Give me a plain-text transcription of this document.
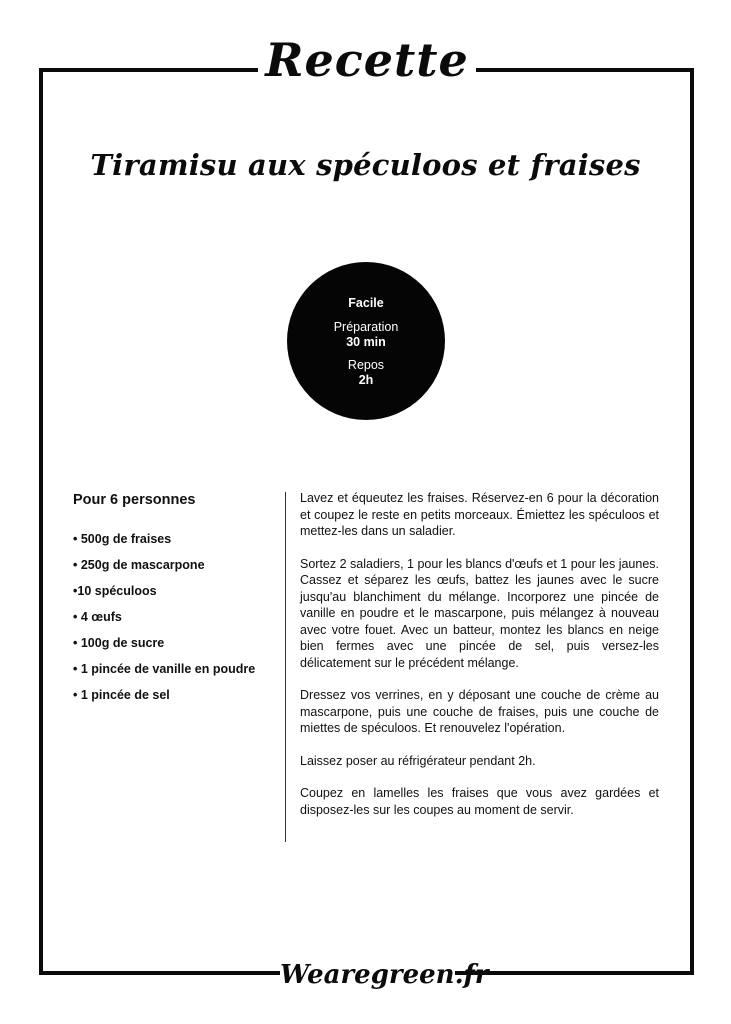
Recette
Tiramisu aux spéculoos et fraises
Facile
Préparation
30 min
Repos
2h
Pour 6 personnes
• 500g de fraises
• 250g de mascarpone
•10 spéculoos
• 4 œufs
• 100g de sucre
• 1 pincée de vanille en poudre
• 1 pincée de sel

Lavez et équeutez les fraises. Réservez-en 6 pour la décoration et coupez le reste en petits morceaux. Émiettez les spéculoos et mettez-les dans un saladier.

Sortez 2 saladiers, 1 pour les blancs d'œufs et 1 pour les jaunes. Cassez et séparez les œufs, battez les jaunes avec le sucre jusqu'au blanchiment du mélange. Incorporez une pincée de vanille en poudre et le mascarpone, puis mélangez à nouveau avec votre fouet. Avec un batteur, montez les blancs en neige bien fermes avec une pincée de sel, puis versez-les délicatement sur le précédent mélange.

Dressez vos verrines, en y déposant une couche de crème au mascarpone, puis une couche de fraises, puis une couche de miettes de spéculoos. Et renouvelez l'opération.

Laissez poser au réfrigérateur pendant 2h.

Coupez en lamelles les fraises que vous avez gardées et disposez-les sur les coupes au moment de servir.

Wearegreen.fr
